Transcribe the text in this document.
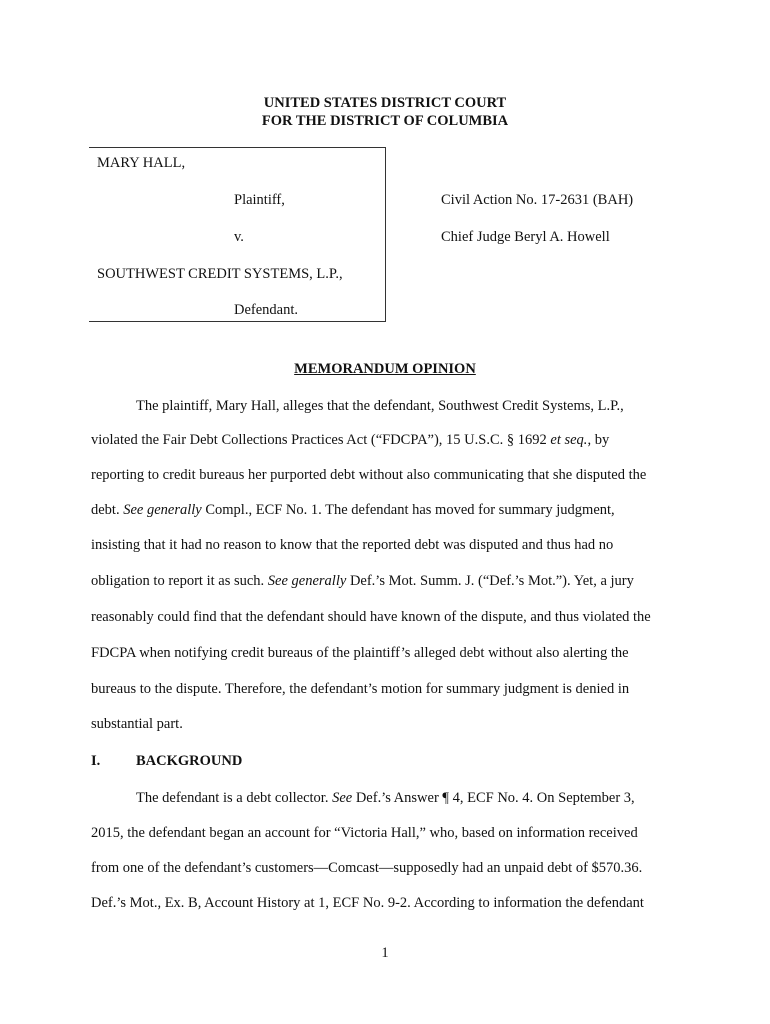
UNITED STATES DISTRICT COURT
FOR THE DISTRICT OF COLUMBIA
MARY HALL,
Plaintiff,
v.
SOUTHWEST CREDIT SYSTEMS, L.P.,
Defendant.
Civil Action No. 17-2631 (BAH)
Chief Judge Beryl A. Howell
MEMORANDUM OPINION
The plaintiff, Mary Hall, alleges that the defendant, Southwest Credit Systems, L.P.,
violated the Fair Debt Collections Practices Act (“FDCPA”), 15 U.S.C. § 1692 et seq., by
reporting to credit bureaus her purported debt without also communicating that she disputed the
debt. See generally Compl., ECF No. 1. The defendant has moved for summary judgment,
insisting that it had no reason to know that the reported debt was disputed and thus had no
obligation to report it as such. See generally Def.’s Mot. Summ. J. (“Def.’s Mot.”). Yet, a jury
reasonably could find that the defendant should have known of the dispute, and thus violated the
FDCPA when notifying credit bureaus of the plaintiff’s alleged debt without also alerting the
bureaus to the dispute. Therefore, the defendant’s motion for summary judgment is denied in
substantial part.
I. BACKGROUND
The defendant is a debt collector. See Def.’s Answer ¶ 4, ECF No. 4. On September 3,
2015, the defendant began an account for “Victoria Hall,” who, based on information received
from one of the defendant’s customers—Comcast—supposedly had an unpaid debt of $570.36.
Def.’s Mot., Ex. B, Account History at 1, ECF No. 9-2. According to information the defendant
1
